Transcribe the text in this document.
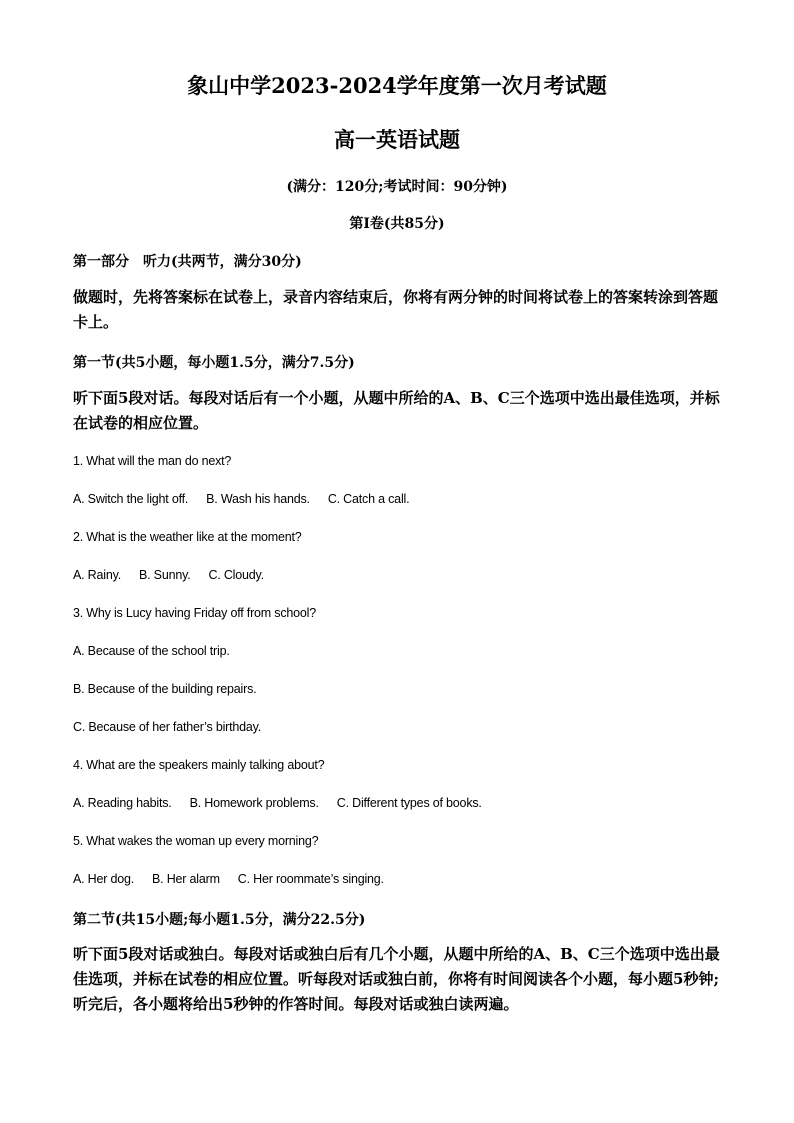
象山中学2023-2024学年度第一次月考试题
高一英语试题
(满分：120分;考试时间：90分钟)
第Ⅰ卷(共85分)
第一部分　听力(共两节，满分30分)
做题时，先将答案标在试卷上，录音内容结束后，你将有两分钟的时间将试卷上的答案转涂到答题卡上。
第一节(共5小题，每小题1.5分，满分7.5分)
听下面5段对话。每段对话后有一个小题，从题中所给的A、B、C三个选项中选出最佳选项，并标在试卷的相应位置。
1. What will the man do next?
A. Switch the light off. B. Wash his hands. C. Catch a call.
2. What is the weather like at the moment?
A. Rainy. B. Sunny. C. Cloudy.
3. Why is Lucy having Friday off from school?
A. Because of the school trip.
B. Because of the building repairs.
C. Because of her father’s birthday.
4. What are the speakers mainly talking about?
A. Reading habits. B. Homework problems. C. Different types of books.
5. What wakes the woman up every morning?
A. Her dog. B. Her alarm C. Her roommate’s singing.
第二节(共15小题;每小题1.5分，满分22.5分)
听下面5段对话或独白。每段对话或独白后有几个小题，从题中所给的A、B、C三个选项中选出最佳选项，并标在试卷的相应位置。听每段对话或独白前，你将有时间阅读各个小题，每小题5秒钟;听完后，各小题将给出5秒钟的作答时间。每段对话或独白读两遍。
